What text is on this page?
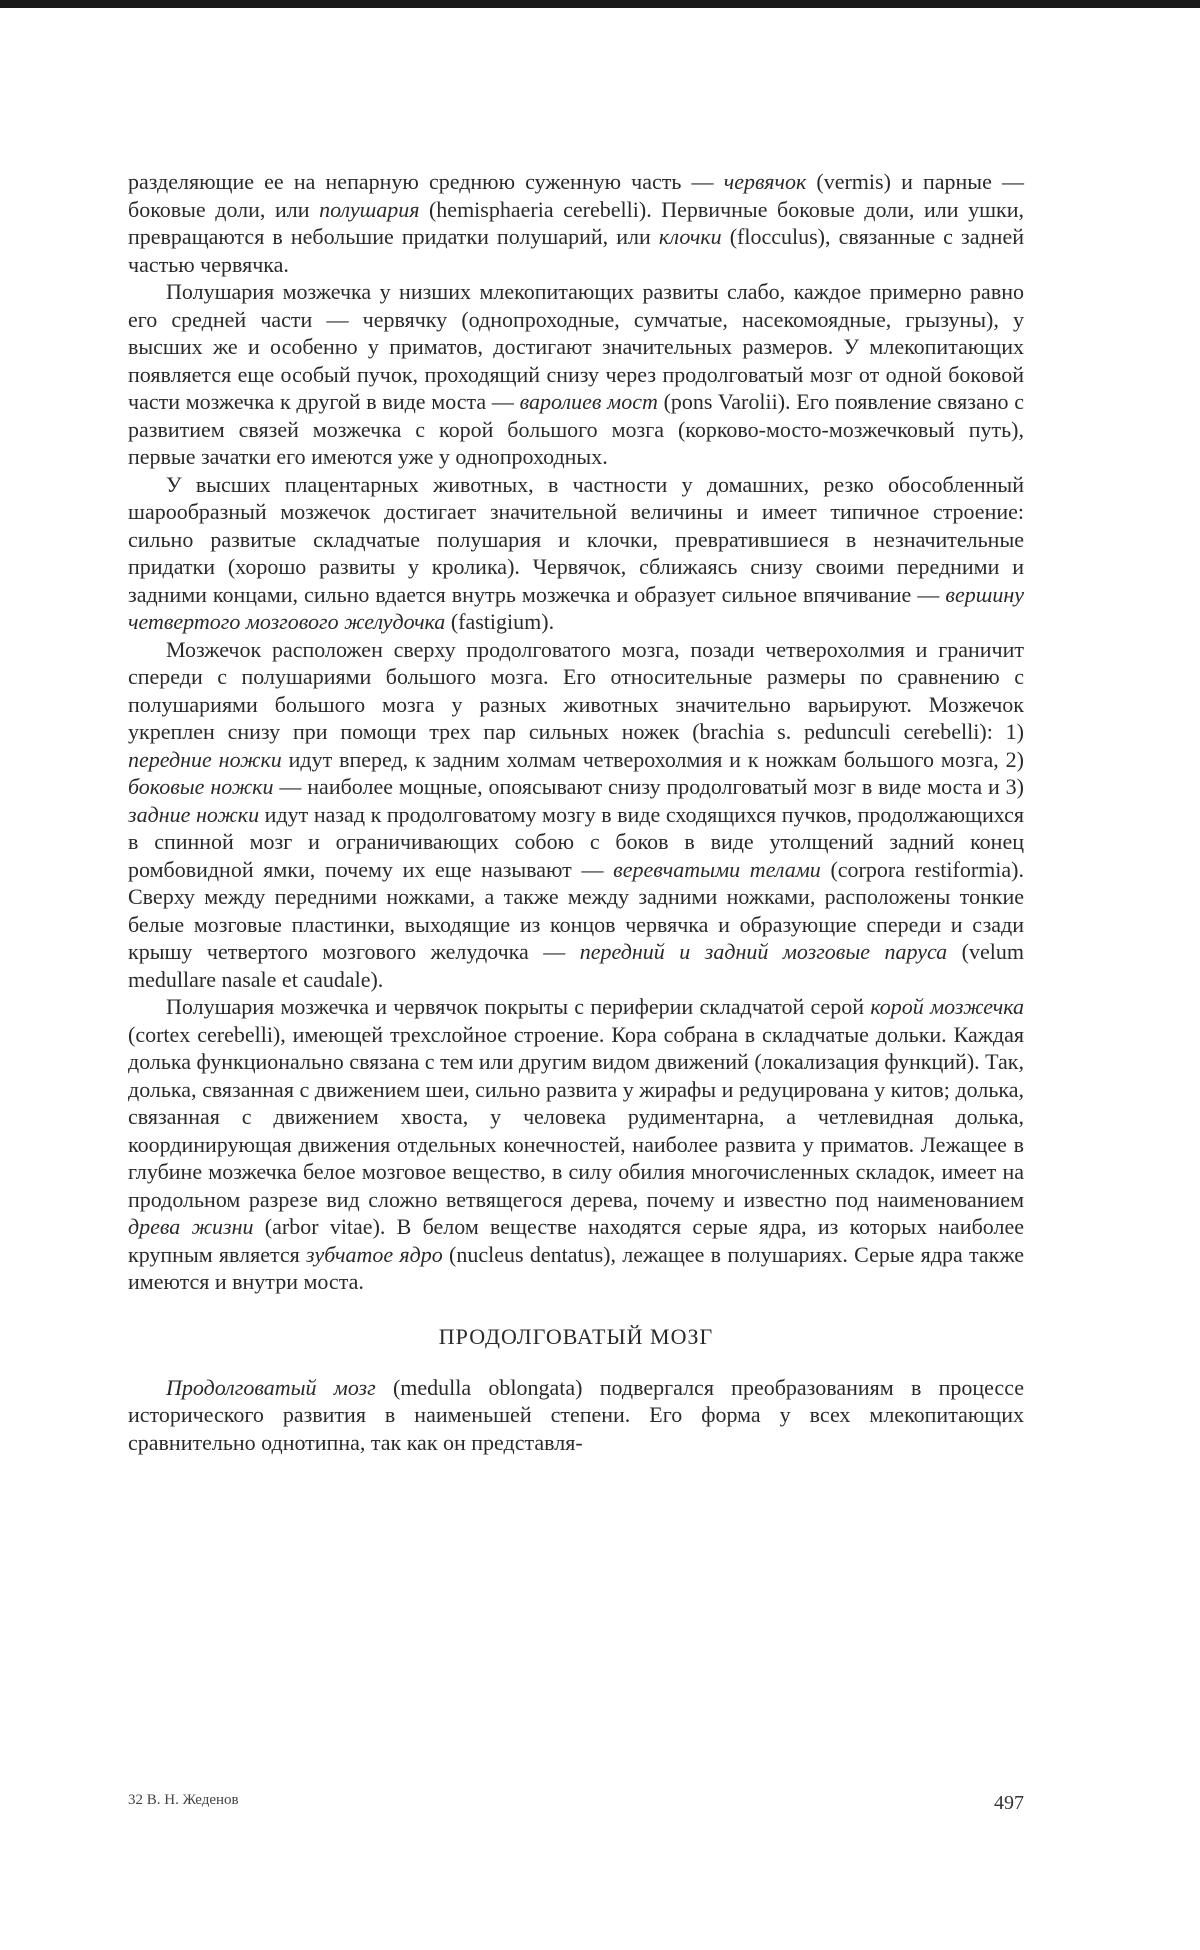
разделяющие ее на непарную среднюю суженную часть — червячок (vermis) и парные — боковые доли, или полушария (hemisphaeria cerebelli). Первичные боковые доли, или ушки, превращаются в небольшие придатки полушарий, или клочки (flocculus), связанные с задней частью червячка.

Полушария мозжечка у низших млекопитающих развиты слабо, каждое примерно равно его средней части — червячку (однопроходные, сумчатые, насекомоядные, грызуны), у высших же и особенно у приматов, достигают значительных размеров. У млекопитающих появляется еще особый пучок, проходящий снизу через продолговатый мозг от одной боковой части мозжечка к другой в виде моста — варолиев мост (pons Varolii). Его появление связано с развитием связей мозжечка с корой большого мозга (корково-мосто-мозжечковый путь), первые зачатки его имеются уже у однопроходных.

У высших плацентарных животных, в частности у домашних, резко обособленный шарообразный мозжечок достигает значительной величины и имеет типичное строение: сильно развитые складчатые полушария и клочки, превратившиеся в незначительные придатки (хорошо развиты у кролика). Червячок, сближаясь снизу своими передними и задними концами, сильно вдается внутрь мозжечка и образует сильное впячивание — вершину четвертого мозгового желудочка (fastigium).

Мозжечок расположен сверху продолговатого мозга, позади четверохолмия и граничит спереди с полушариями большого мозга. Его относительные размеры по сравнению с полушариями большого мозга у разных животных значительно варьируют. Мозжечок укреплен снизу при помощи трех пар сильных ножек (brachia s. pedunculi cerebelli): 1) передние ножки идут вперед, к задним холмам четверохолмия и к ножкам большого мозга, 2) боковые ножки — наиболее мощные, опоясывают снизу продолговатый мозг в виде моста и 3) задние ножки идут назад к продолговатому мозгу в виде сходящихся пучков, продолжающихся в спинной мозг и ограничивающих собою с боков в виде утолщений задний конец ромбовидной ямки, почему их еще называют — веревчатыми телами (corpora restiformia). Сверху между передними ножками, а также между задними ножками, расположены тонкие белые мозговые пластинки, выходящие из концов червячка и образующие спереди и сзади крышу четвертого мозгового желудочка — передний и задний мозговые паруса (velum medullare nasale et caudale).

Полушария мозжечка и червячок покрыты с периферии складчатой серой корой мозжечка (cortex cerebelli), имеющей трехслойное строение. Кора собрана в складчатые дольки. Каждая долька функционально связана с тем или другим видом движений (локализация функций). Так, долька, связанная с движением шеи, сильно развита у жирафы и редуцирована у китов; долька, связанная с движением хвоста, у человека рудиментарна, а четлевидная долька, координирующая движения отдельных конечностей, наиболее развита у приматов. Лежащее в глубине мозжечка белое мозговое вещество, в силу обилия многочисленных складок, имеет на продольном разрезе вид сложно ветвящегося дерева, почему и известно под наименованием древа жизни (arbor vitae). В белом веществе находятся серые ядра, из которых наиболее крупным является зубчатое ядро (nucleus dentatus), лежащее в полушариях. Серые ядра также имеются и внутри моста.

ПРОДОЛГОВАТЫЙ МОЗГ

Продолговатый мозг (medulla oblongata) подвергался преобразованиям в процессе исторического развития в наименьшей степени. Его форма у всех млекопитающих сравнительно однотипна, так как он представля-

32 В. Н. Жеденов	497
